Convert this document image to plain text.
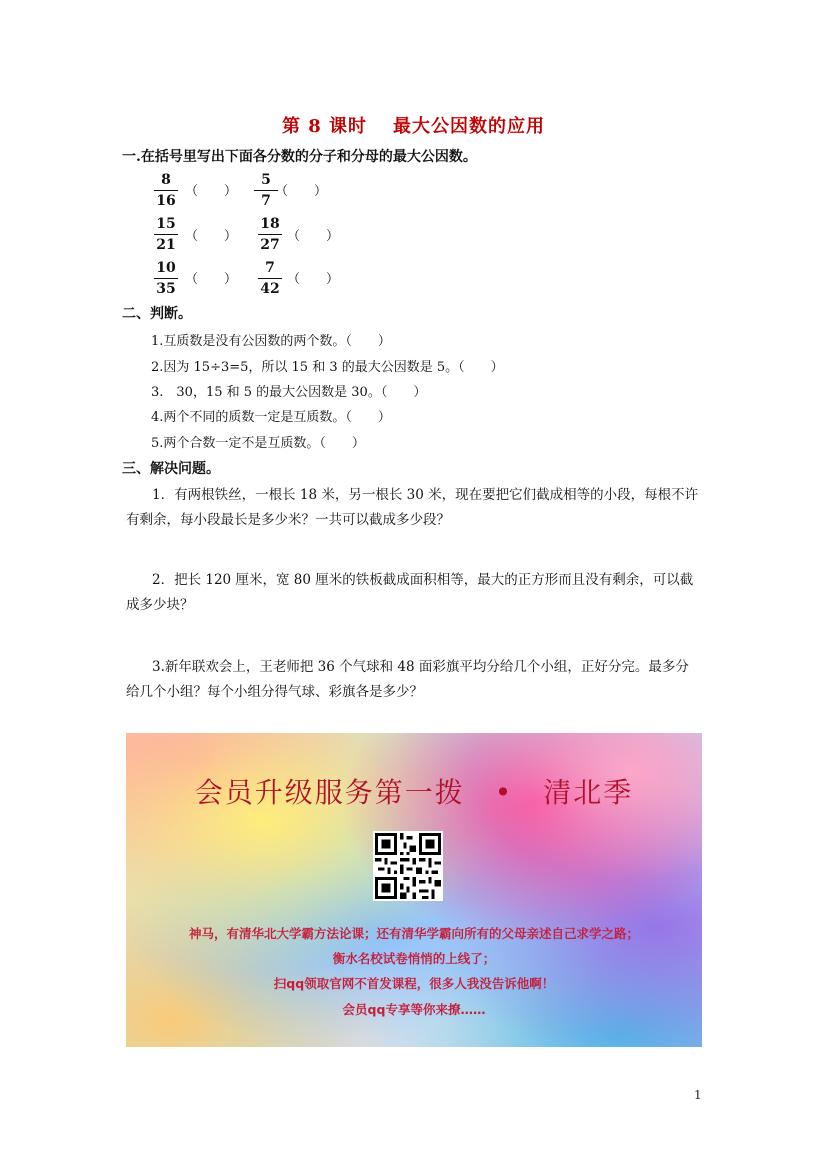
第 8 课时 最大公因数的应用
一.在括号里写出下面各分数的分子和分母的最大公因数。
8
16
（　　）
5
7
（　　）
15
21
（　　）
18
27
（　　）
10
35
（　　）
7
42
（　　）
二、判断。
1.互质数是没有公因数的两个数。（　　）
2.因为 15÷3=5，所以 15 和 3 的最大公因数是 5。（　　）
3.　30，15 和 5 的最大公因数是 30。（　　）
4.两个不同的质数一定是互质数。（　　）
5.两个合数一定不是互质数。（　　）
三、解决问题。

1．有两根铁丝，一根长 18 米，另一根长 30 米，现在要把它们截成相等的小段，每根不许有剩余，每小段最长是多少米？一共可以截成多少段？

2．把长 120 厘米，宽 80 厘米的铁板截成面积相等，最大的正方形而且没有剩余，可以截成多少块？

3.新年联欢会上，王老师把 36 个气球和 48 面彩旗平均分给几个小组，正好分完。最多分给几个小组？每个小组分得气球、彩旗各是多少？

会员升级服务第一拨　•　清北季
神马，有清华北大学霸方法论课；还有清华学霸向所有的父母亲述自己求学之路；
衡水名校试卷悄悄的上线了；
扫qq领取官网不首发课程，很多人我没告诉他啊！
会员qq专享等你来撩……
1
